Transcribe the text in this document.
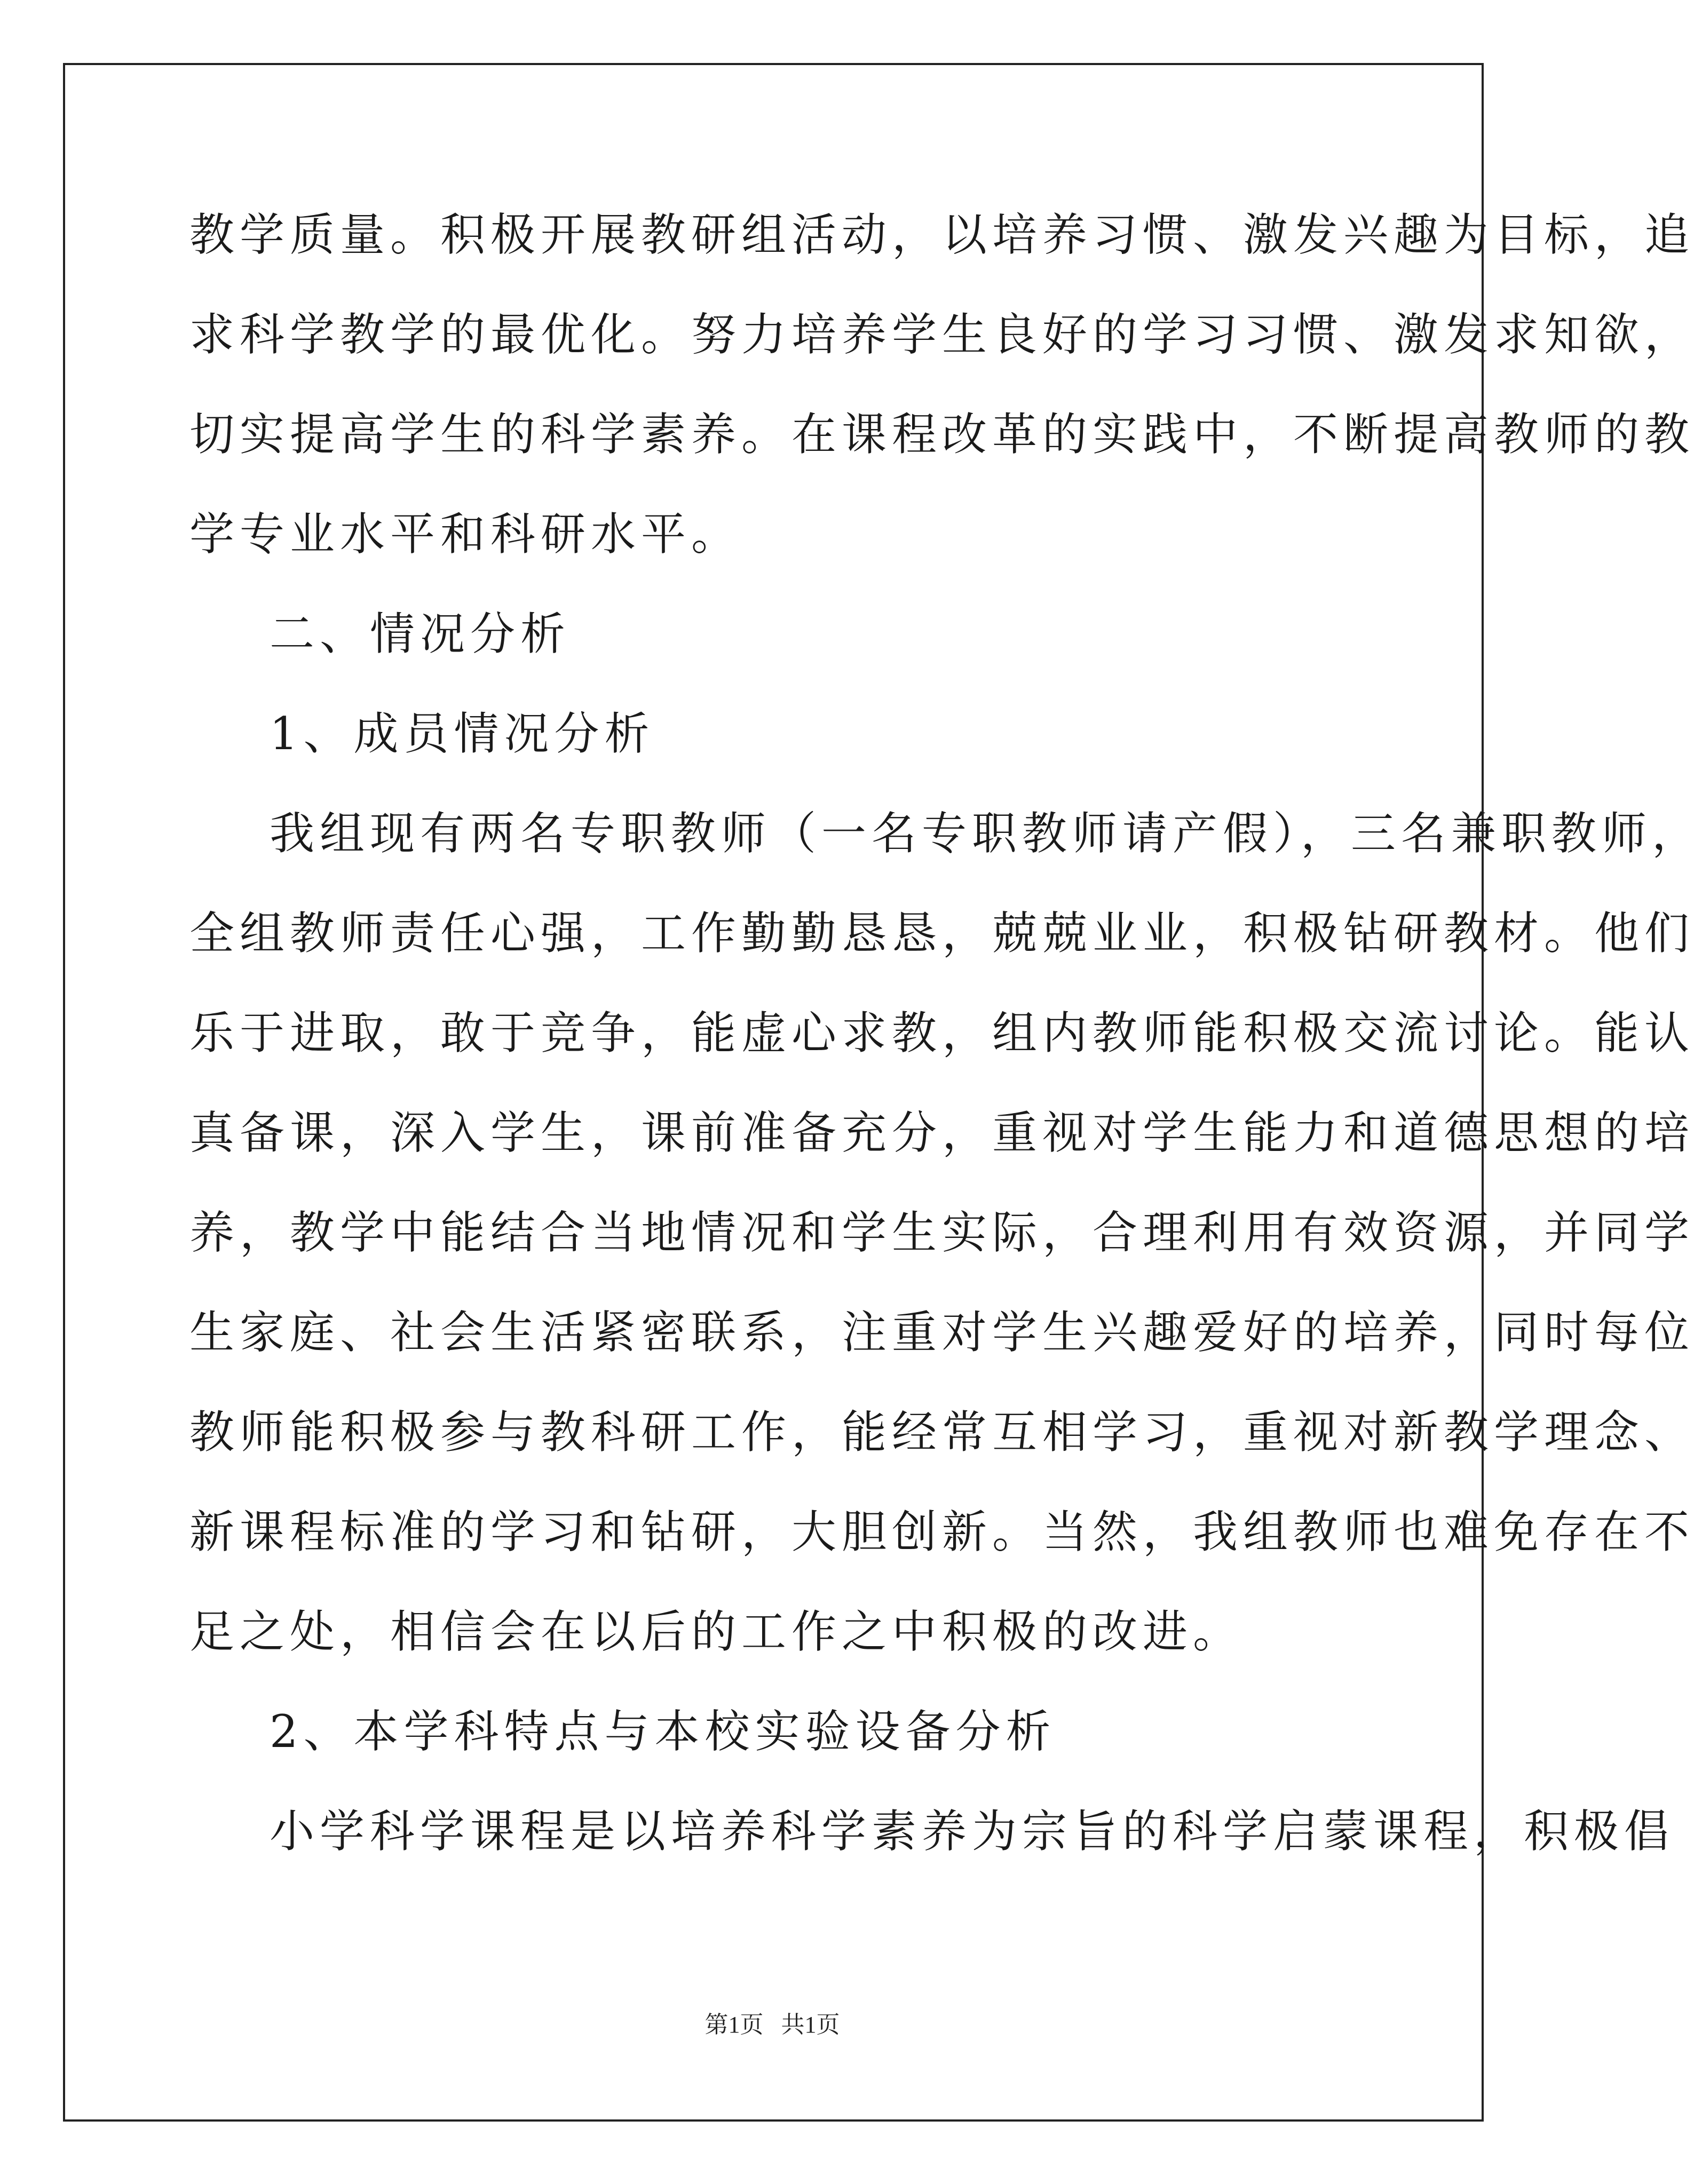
教学质量。积极开展教研组活动，以培养习惯、激发兴趣为目标，追
求科学教学的最优化。努力培养学生良好的学习习惯、激发求知欲，
切实提高学生的科学素养。在课程改革的实践中，不断提高教师的教
学专业水平和科研水平。
二、情况分析
1、成员情况分析
我组现有两名专职教师（一名专职教师请产假），三名兼职教师，
全组教师责任心强，工作勤勤恳恳，兢兢业业，积极钻研教材。他们
乐于进取，敢于竞争，能虚心求教，组内教师能积极交流讨论。能认
真备课，深入学生，课前准备充分，重视对学生能力和道德思想的培
养，教学中能结合当地情况和学生实际，合理利用有效资源，并同学
生家庭、社会生活紧密联系，注重对学生兴趣爱好的培养，同时每位
教师能积极参与教科研工作，能经常互相学习，重视对新教学理念、
新课程标准的学习和钻研，大胆创新。当然，我组教师也难免存在不
足之处，相信会在以后的工作之中积极的改进。
2、本学科特点与本校实验设备分析
小学科学课程是以培养科学素养为宗旨的科学启蒙课程，积极倡
第1页   共1页
